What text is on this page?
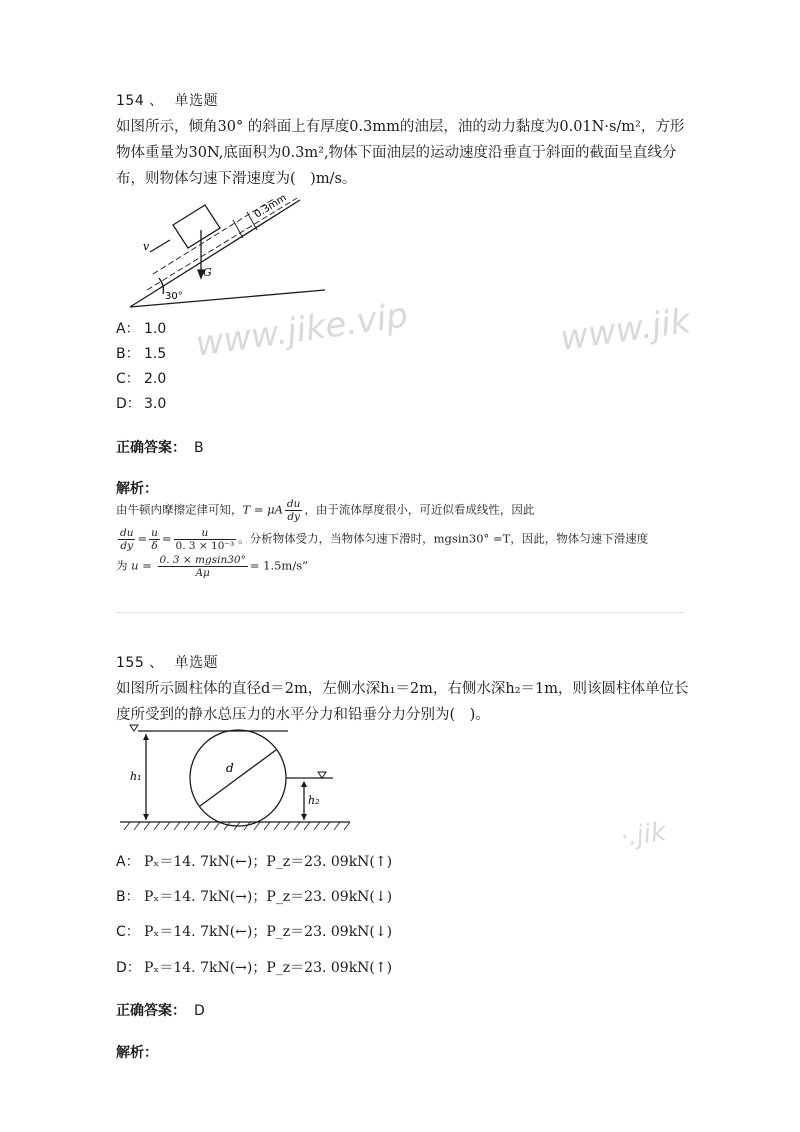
154 、 单选题
如图所示，倾角30° 的斜面上有厚度0.3mm的油层，油的动力黏度为0.01N·s/m²，方形物体重量为30N,底面积为0.3m²,物体下面油层的运动速度沿垂直于斜面的截面呈直线分布，则物体匀速下滑速度为(　)m/s。
G
v
30°
0.3mm
A： 1.0
B： 1.5
C： 2.0
D： 3.0
正确答案： B
解析：
由牛顿内摩擦定律可知，T = μA $\frac{du}{dy}$ ，由于流体厚度很小，可近似看成线性，因此
$\frac{du}{dy} = \frac{u}{\delta} = \frac{u}{\text{0. 3 × 10⁻³}}$ 。分析物体受力，当物体匀速下滑时，mgsin30° =T，因此，物体匀速下滑速度
为 $u = \frac{0. 3 \times mgsin30^\circ}{A\mu} = 1.5m/s$”
155 、 单选题
如图所示圆柱体的直径d＝2m，左侧水深h₁＝2m，右侧水深h₂＝1m，则该圆柱体单位长度所受到的静水总压力的水平分力和铅垂分力分别为(　)。
h₁
h₂
d
A： Pₓ＝14. 7kN(←)；P_z＝23. 09kN(↑)
B： Pₓ＝14. 7kN(→)；P_z＝23. 09kN(↓)
C： Pₓ＝14. 7kN(←)；P_z＝23. 09kN(↓)
D： Pₓ＝14. 7kN(→)；P_z＝23. 09kN(↑)
正确答案： D
解析：
www.jike.vip	www.jik
·.jik
